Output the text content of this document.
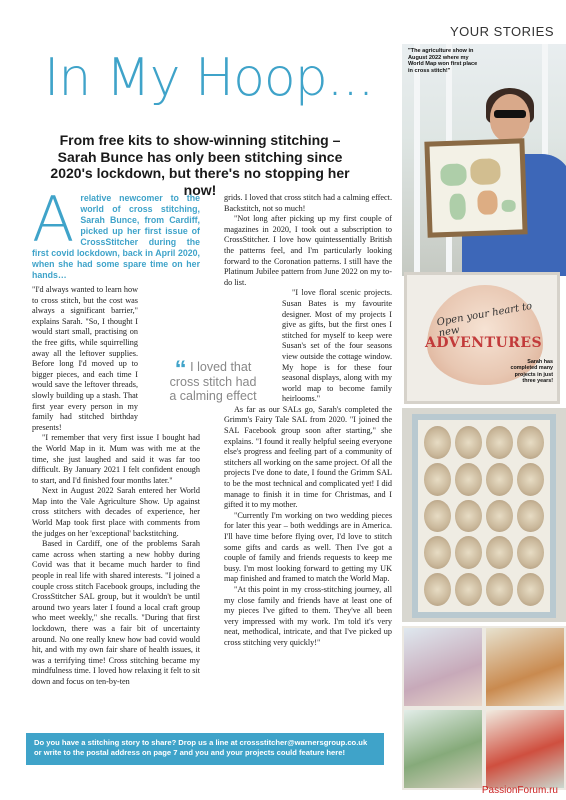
YOUR STORIES
In My Hoop...
From free kits to show-winning stitching – Sarah Bunce has only been stitching since 2020's lockdown, but there's no stopping her now!
A relative newcomer to the world of cross stitching, Sarah Bunce, from Cardiff, picked up her first issue of CrossStitcher during the first covid lockdown, back in April 2020, when she had some spare time on her hands…

"I'd always wanted to learn how to cross stitch, but the cost was always a significant barrier," explains Sarah. "So, I thought I would start small, practising on the free gifts, while squirrelling away all the leftover supplies. Before long I'd moved up to bigger pieces, and each time I would save the leftover threads, slowly building up a stash. That first year every person in my family had stitched birthday presents!

"I remember that very first issue I bought had the World Map in it. Mum was with me at the time, she just laughed and said it was far too difficult. By January 2021 I felt confident enough to start, and I'd finished four months later."

Next in August 2022 Sarah entered her World Map into the Vale Agriculture Show. Up against cross stitchers with decades of experience, her World Map took first place with comments from the judges on her 'exceptional' backstitching.

Based in Cardiff, one of the problems Sarah came across when starting a new hobby during Covid was that it became much harder to find people in real life with shared interests. "I joined a couple cross stitch Facebook groups, including the CrossStitcher SAL group, but it wouldn't be until around two years later I found a local craft group who meet weekly," she recalls. "During that first lockdown, there was a fair bit of uncertainty around. No one really knew how bad covid would hit, and with my own fair share of health issues, it was a terrifying time! Cross stitching became my mindfulness time. I loved how relaxing it felt to sit down and focus on ten-by-ten

“ I loved that cross stitch had a calming effect

grids. I loved that cross stitch had a calming effect. Backstitch, not so much!

"Not long after picking up my first couple of magazines in 2020, I took out a subscription to CrossStitcher. I love how quintessentially British the patterns feel, and I'm particularly looking forward to the Coronation patterns. I still have the Platinum Jubilee pattern from June 2022 on my to-do list.

"I love floral scenic projects. Susan Bates is my favourite designer. Most of my projects I give as gifts, but the first ones I stitched for myself to keep were Susan's set of the four seasons view outside the cottage window. My hope is for these four seasonal displays, along with my world map to become family heirlooms."

As far as our SALs go, Sarah's completed the Grimm's Fairy Tale SAL from 2020. "I joined the SAL Facebook group soon after starting," she explains. "I found it really helpful seeing everyone else's progress and feeling part of a community of stitchers all working on the same project. Of all the projects I've done to date, I found the Grimm SAL to be the most technical and complicated yet! I did manage to finish it in time for Christmas, and I gifted it to my mother.

"Currently I'm working on two wedding pieces for later this year – both weddings are in America. I'll have time before flying over, I'd love to stitch some gifts and cards as well. Then I've got a couple of family and friends requests to keep me busy. I'm most looking forward to getting my UK map finished and framed to match the World Map.

"At this point in my cross-stitching journey, all my close family and friends have at least one of my pieces I've gifted to them. They've all been very impressed with my work. I'm told it's very neat, methodical, intricate, and that I've picked up cross stitching very quickly!"

"The agriculture show in August 2022 where my World Map won first place in cross stitch!"
Open your heart to new
ADVENTURES
Sarah has completed many projects in just three years!
Do you have a stitching story to share? Drop us a line at crossstitcher@warnersgroup.co.uk or write to the postal address on page 7 and you and your projects could feature here!
PassionForum.ru
